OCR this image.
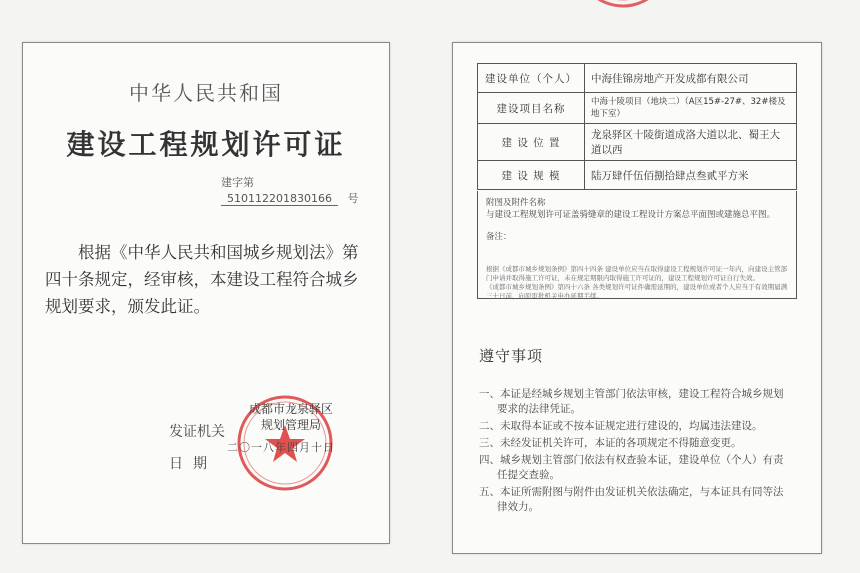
中华人民共和国
建设工程规划许可证
建字第 510112201830166 号
根据《中华人民共和国城乡规划法》第四十条规定，经审核，本建设工程符合城乡规划要求，颁发此证。
成都市龙泉驿区
规划管理局
发证机关
日期
二〇一八年四月十日
建设单位（个人）	中海佳锦房地产开发成都有限公司
建设项目名称	中海十陵项目（地块二）（A区15#-27#、32#楼及地下室）
建 设 位 置	龙泉驿区十陵街道成洛大道以北、蜀王大道以西
建 设 规 模	陆万肆仟伍佰捌拾肆点叁贰平方米
附图及附件名称
与建设工程规划许可证盖骑缝章的建设工程设计方案总平面图或建施总平图。
备注：
根据《成都市城乡规划条例》第四十四条 建设单位应当在取得建设工程规划许可证一年内，向建设主管部门申请并取得施工许可证，未在规定期限内取得施工许可证的，建设工程规划许可证自行失效。
《成都市城乡规划条例》第四十六条 各类规划许可证件确需延期的，建设单位或者个人应当于有效期届满三十日前，向原审批机关申办延期手续。
遵守事项
一、本证是经城乡规划主管部门依法审核，建设工程符合城乡规划要求的法律凭证。
二、未取得本证或不按本证规定进行建设的，均属违法建设。
三、未经发证机关许可，本证的各项规定不得随意变更。
四、城乡规划主管部门依法有权查验本证，建设单位（个人）有责任提交查验。
五、本证所需附图与附件由发证机关依法确定，与本证具有同等法律效力。
